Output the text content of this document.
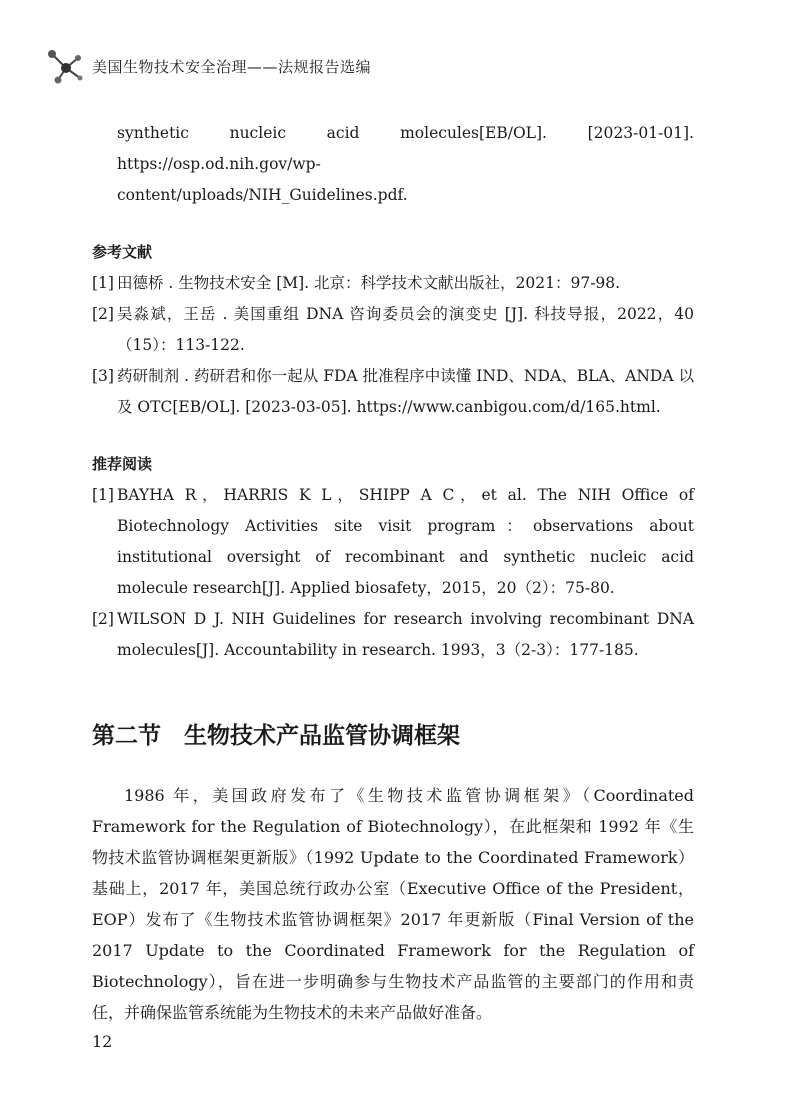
美国生物技术安全治理——法规报告选编
synthetic nucleic acid molecules[EB/OL]. [2023-01-01]. https://osp.od.nih.gov/wp-
content/uploads/NIH_Guidelines.pdf.
参考文献
[1] 田德桥 . 生物技术安全 [M]. 北京：科学技术文献出版社，2021：97-98.
[2] 吴淼斌，王岳 . 美国重组 DNA 咨询委员会的演变史 [J]. 科技导报，2022，40（15）：113-122.
[3] 药研制剂 . 药研君和你一起从 FDA 批准程序中读懂 IND、NDA、BLA、ANDA 以及 OTC[EB/OL]. [2023-03-05]. https://www.canbigou.com/d/165.html.
推荐阅读
[1] BAYHA R，HARRIS K L，SHIPP A C，et al. The NIH Office of Biotechnology Activities site visit program：observations about institutional oversight of recombinant and synthetic nucleic acid molecule research[J]. Applied biosafety，2015，20（2）：75-80.
[2] WILSON D J. NIH Guidelines for research involving recombinant DNA molecules[J]. Accountability in research. 1993，3（2-3）：177-185.
第二节　生物技术产品监管协调框架
1986 年，美国政府发布了《生物技术监管协调框架》（Coordinated Framework for the Regulation of Biotechnology），在此框架和 1992 年《生物技术监管协调框架更新版》（1992 Update to the Coordinated Framework）基础上，2017 年，美国总统行政办公室（Executive Office of the President，EOP）发布了《生物技术监管协调框架》2017 年更新版（Final Version of the 2017 Update to the Coordinated Framework for the Regulation of Biotechnology），旨在进一步明确参与生物技术产品监管的主要部门的作用和责任，并确保监管系统能为生物技术的未来产品做好准备。
12
